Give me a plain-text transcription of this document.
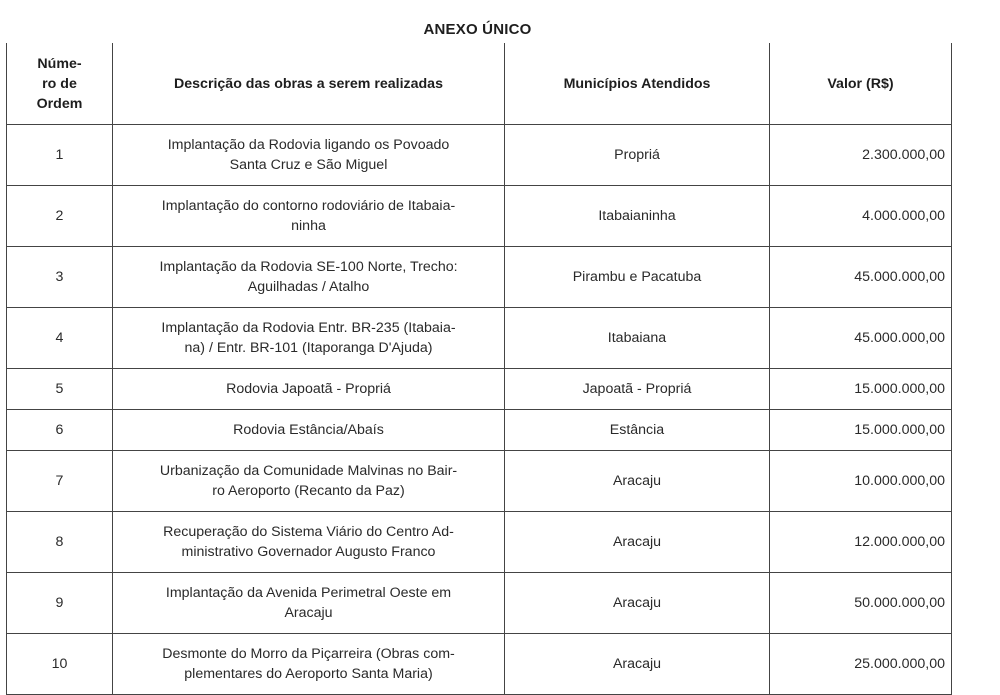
ANEXO ÚNICO
Núme-
ro de
Ordem	Descrição das obras a serem realizadas	Municípios Atendidos	Valor (R$)
1	Implantação da Rodovia ligando os Povoado
Santa Cruz e São Miguel	Propriá	2.300.000,00
2	Implantação do contorno rodoviário de Itabaia-
ninha	Itabaianinha	4.000.000,00
3	Implantação da Rodovia SE-100 Norte, Trecho:
Aguilhadas / Atalho	Pirambu e Pacatuba	45.000.000,00
4	Implantação da Rodovia Entr. BR-235 (Itabaia-
na) / Entr. BR-101 (Itaporanga D'Ajuda)	Itabaiana	45.000.000,00
5	Rodovia Japoatã - Propriá	Japoatã - Propriá	15.000.000,00
6	Rodovia Estância/Abaís	Estância	15.000.000,00
7	Urbanização da Comunidade Malvinas no Bair-
ro Aeroporto (Recanto da Paz)	Aracaju	10.000.000,00
8	Recuperação do Sistema Viário do Centro Ad-
ministrativo Governador Augusto Franco	Aracaju	12.000.000,00
9	Implantação da Avenida Perimetral Oeste em
Aracaju	Aracaju	50.000.000,00
10	Desmonte do Morro da Piçarreira (Obras com-
plementares do Aeroporto Santa Maria)	Aracaju	25.000.000,00
